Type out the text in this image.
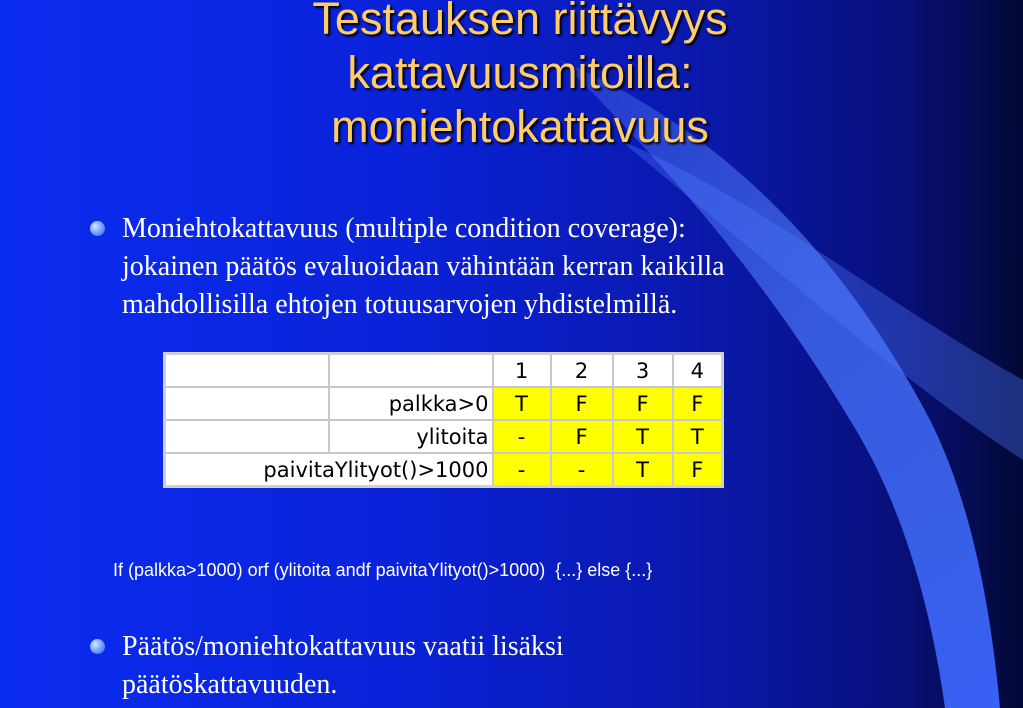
Testauksen riittävyys
kattavuusmitoilla:
moniehtokattavuus
Moniehtokattavuus (multiple condition coverage):
jokainen päätös evaluoidaan vähintään kerran kaikilla
mahdollisilla ehtojen totuusarvojen yhdistelmillä.
		1	2	3	4
	palkka>0	T	F	F	F
	ylitoita	-	F	T	T
paivitaYlityot()>1000		-	-	T	F
If (palkka>1000) orf (ylitoita andf paivitaYlityot()>1000)  {...} else {...}
Päätös/moniehtokattavuus vaatii lisäksi
päätöskattavuuden.
